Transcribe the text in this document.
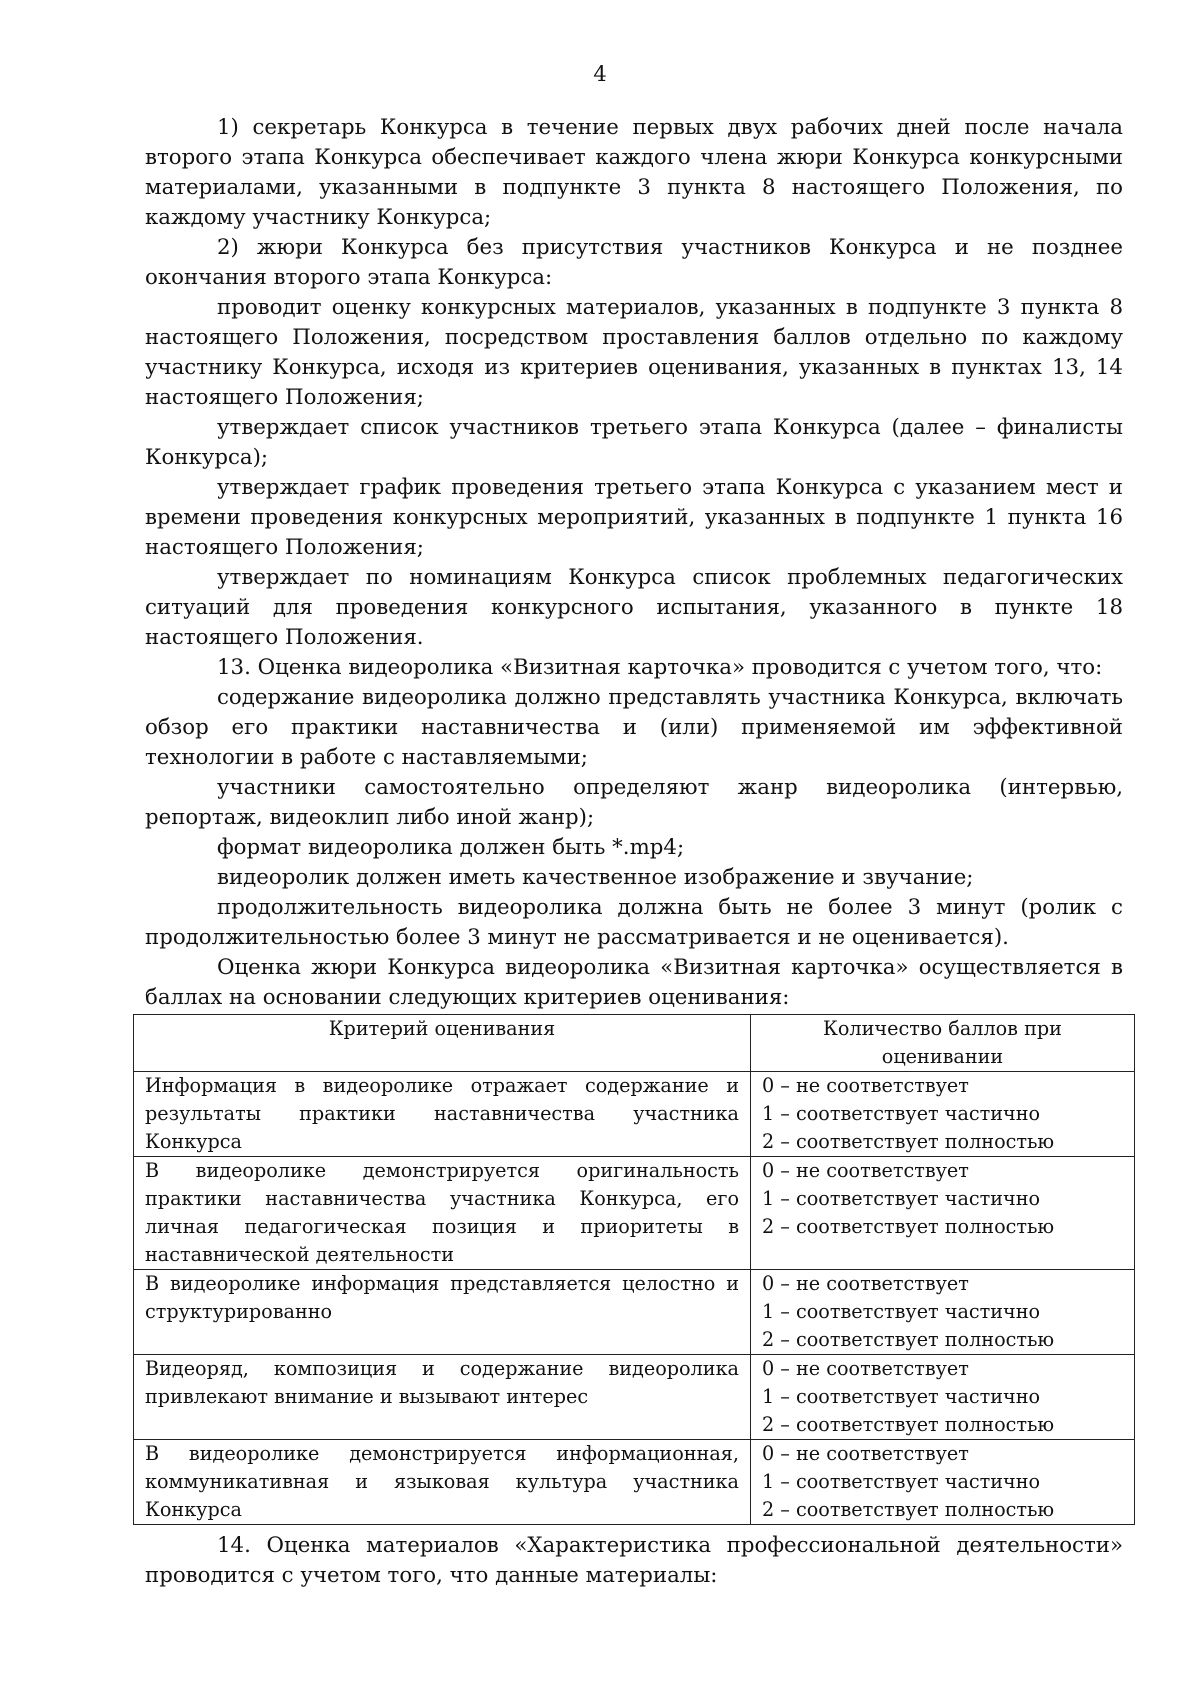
4

1) секретарь Конкурса в течение первых двух рабочих дней после начала второго этапа Конкурса обеспечивает каждого члена жюри Конкурса конкурсными материалами, указанными в подпункте 3 пункта 8 настоящего Положения, по каждому участнику Конкурса;

2) жюри Конкурса без присутствия участников Конкурса и не позднее окончания второго этапа Конкурса:

проводит оценку конкурсных материалов, указанных в подпункте 3 пункта 8 настоящего Положения, посредством проставления баллов отдельно по каждому участнику Конкурса, исходя из критериев оценивания, указанных в пунктах 13, 14 настоящего Положения;

утверждает список участников третьего этапа Конкурса (далее – финалисты Конкурса);

утверждает график проведения третьего этапа Конкурса с указанием мест и времени проведения конкурсных мероприятий, указанных в подпункте 1 пункта 16 настоящего Положения;

утверждает по номинациям Конкурса список проблемных педагогических ситуаций для проведения конкурсного испытания, указанного в пункте 18 настоящего Положения.

13. Оценка видеоролика «Визитная карточка» проводится с учетом того, что:

содержание видеоролика должно представлять участника Конкурса, включать обзор его практики наставничества и (или) применяемой им эффективной технологии в работе с наставляемыми;

участники самостоятельно определяют жанр видеоролика (интервью, репортаж, видеоклип либо иной жанр);

формат видеоролика должен быть *.mp4;

видеоролик должен иметь качественное изображение и звучание;

продолжительность видеоролика должна быть не более 3 минут (ролик с продолжительностью более 3 минут не рассматривается и не оценивается).

Оценка жюри Конкурса видеоролика «Визитная карточка» осуществляется в баллах на основании следующих критериев оценивания:

Критерий оценивания	Количество баллов при оценивании
Информация в видеоролике отражает содержание и результаты практики наставничества участника Конкурса	0 – не соответствует
1 – соответствует частично
2 – соответствует полностью

В видеоролике демонстрируется оригинальность практики наставничества участника Конкурса, его личная педагогическая позиция и приоритеты в наставнической деятельности	0 – не соответствует
1 – соответствует частично
2 – соответствует полностью

В видеоролике информация представляется целостно и структурированно	0 – не соответствует
1 – соответствует частично
2 – соответствует полностью

Видеоряд, композиция и содержание видеоролика привлекают внимание и вызывают интерес	0 – не соответствует
1 – соответствует частично
2 – соответствует полностью

В видеоролике демонстрируется информационная, коммуникативная и языковая культура участника Конкурса	0 – не соответствует
1 – соответствует частично
2 – соответствует полностью

14. Оценка материалов «Характеристика профессиональной деятельности» проводится с учетом того, что данные материалы:
